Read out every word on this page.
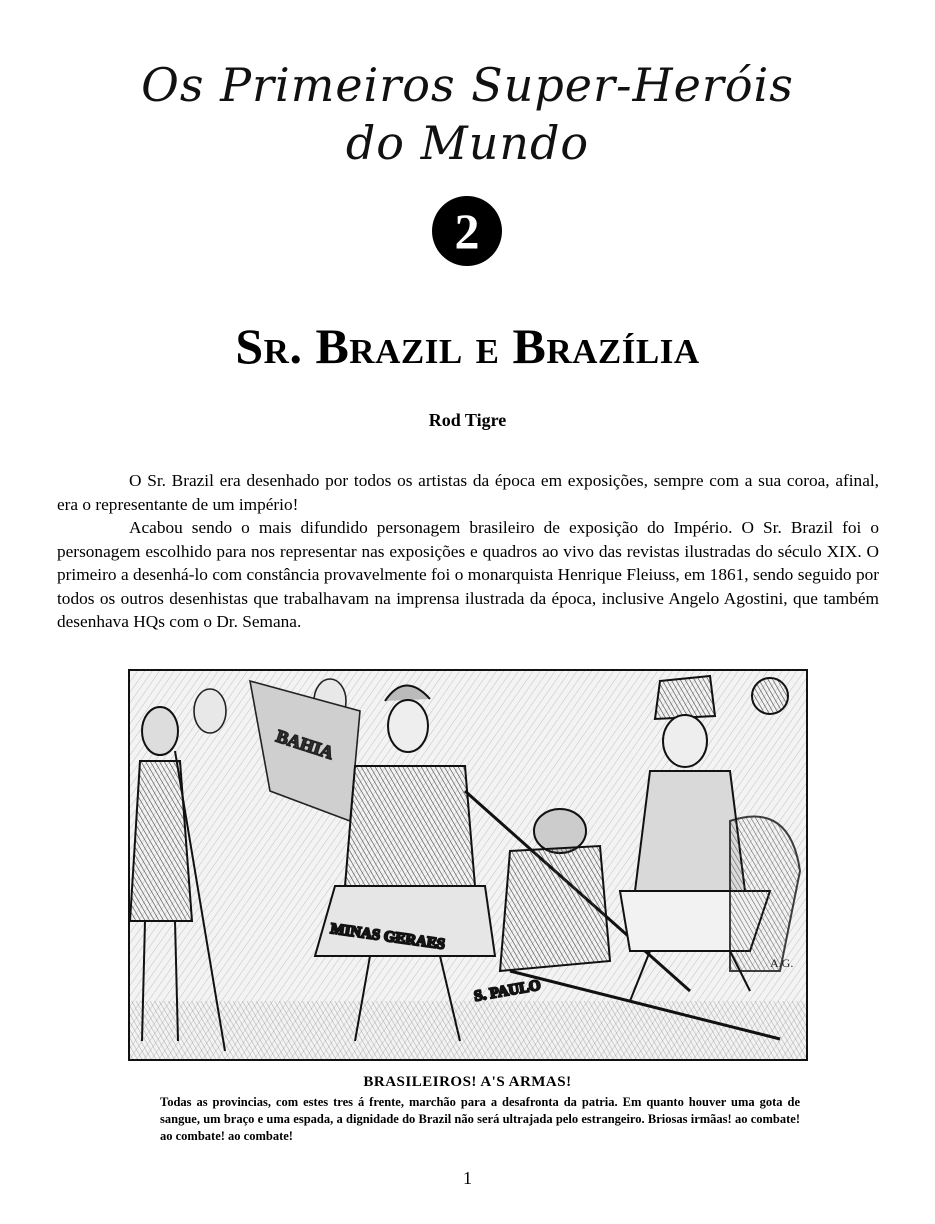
Os Primeiros Super-Heróis
do Mundo
2
Sr. Brazil e Brazília
Rod Tigre

O Sr. Brazil era desenhado por todos os artistas da época em exposições, sempre com a sua coroa, afinal, era o representante de um império!

Acabou sendo o mais difundido personagem brasileiro de exposição do Império. O Sr. Brazil foi o personagem escolhido para nos representar nas exposições e quadros ao vivo das revistas ilustradas do século XIX. O primeiro a desenhá-lo com constância provavelmente foi o monarquista Henrique Fleiuss, em 1861, sendo seguido por todos os outros desenhistas que trabalhavam na imprensa ilustrada da época, inclusive Angelo Agostini, que também desenhava HQs com o Dr. Semana.

BAHIA
MINAS GERAES
S. PAULO
A.G.
BRASILEIROS! A'S ARMAS!
Todas as provincias, com estes tres á frente, marchão para a desafronta da patria. Em quanto houver uma gota de sangue, um braço e uma espada, a dignidade do Brazil não será ultrajada pelo estrangeiro. Briosas irmãas! ao combate! ao combate! ao combate!
1
